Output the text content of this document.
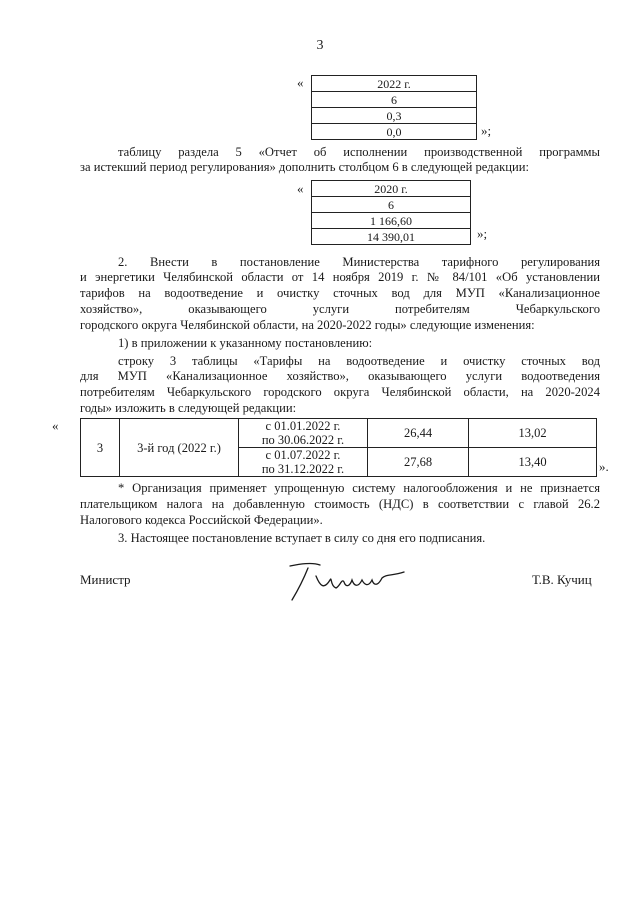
3
«	2022 г.
6
0,3
0,0	»;
таблицу раздела 5 «Отчет об исполнении производственной программы
за истекший период регулирования» дополнить столбцом 6 в следующей редакции:
«	2020 г.
6
1 166,60
14 390,01	»;
2. Внести в постановление Министерства тарифного регулирования
и энергетики Челябинской области от 14 ноября 2019 г. № 84/101 «Об установлении
тарифов на водоотведение и очистку сточных вод для МУП «Канализационное
хозяйство», оказывающего услуги потребителям Чебаркульского
городского округа Челябинской области, на 2020-2022 годы» следующие изменения:
1) в приложении к указанному постановлению:
строку 3 таблицы «Тарифы на водоотведение и очистку сточных вод
для МУП «Канализационное хозяйство», оказывающего услуги водоотведения
потребителям Чебаркульского городского округа Челябинской области, на 2020-2024
годы» изложить в следующей редакции:
«
3	3-й год (2022 г.)	с 01.01.2022 г.
по 30.06.2022 г.	26,44	13,02

		с 01.07.2022 г.
по 31.12.2022 г.	27,68	13,40	».
* Организация применяет упрощенную систему налогообложения и не признается
плательщиком налога на добавленную стоимость (НДС) в соответствии с главой 26.2
Налогового кодекса Российской Федерации».
3. Настоящее постановление вступает в силу со дня его подписания.
Министр	Т.В. Кучиц
